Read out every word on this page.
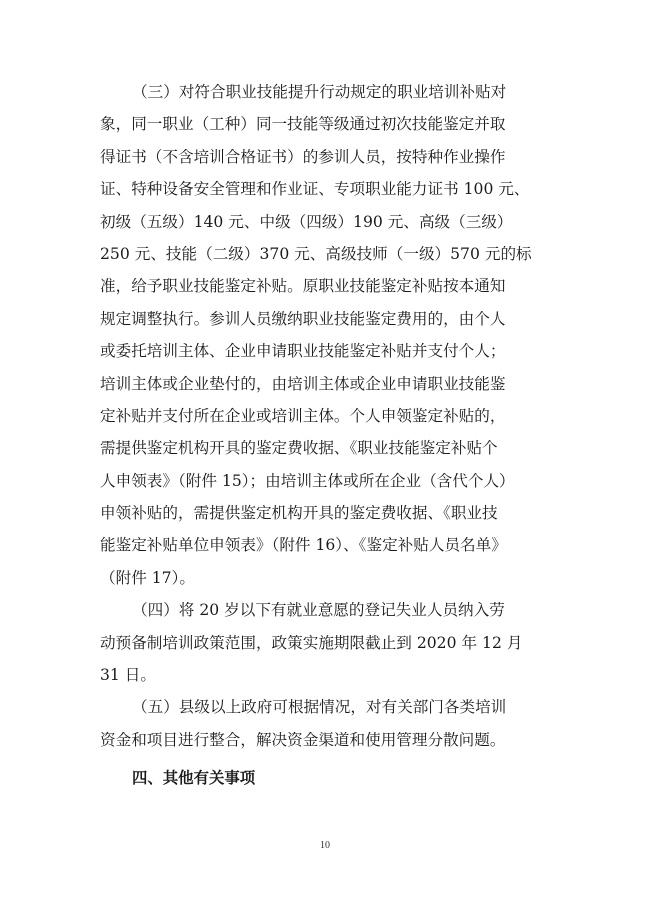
（三）对符合职业技能提升行动规定的职业培训补贴对
象，同一职业（工种）同一技能等级通过初次技能鉴定并取
得证书（不含培训合格证书）的参训人员，按特种作业操作
证、特种设备安全管理和作业证、专项职业能力证书 100 元、
初级（五级）140 元、中级（四级）190 元、高级（三级）
250 元、技能（二级）370 元、高级技师（一级）570 元的标
准，给予职业技能鉴定补贴。原职业技能鉴定补贴按本通知
规定调整执行。参训人员缴纳职业技能鉴定费用的，由个人
或委托培训主体、企业申请职业技能鉴定补贴并支付个人；
培训主体或企业垫付的，由培训主体或企业申请职业技能鉴
定补贴并支付所在企业或培训主体。个人申领鉴定补贴的，
需提供鉴定机构开具的鉴定费收据、《职业技能鉴定补贴个
人申领表》（附件 15）；由培训主体或所在企业（含代个人）
申领补贴的，需提供鉴定机构开具的鉴定费收据、《职业技
能鉴定补贴单位申领表》（附件 16）、《鉴定补贴人员名单》
（附件 17）。
（四）将 20 岁以下有就业意愿的登记失业人员纳入劳
动预备制培训政策范围，政策实施期限截止到 2020 年 12 月
31 日。
（五）县级以上政府可根据情况，对有关部门各类培训
资金和项目进行整合，解决资金渠道和使用管理分散问题。
四、其他有关事项
10
